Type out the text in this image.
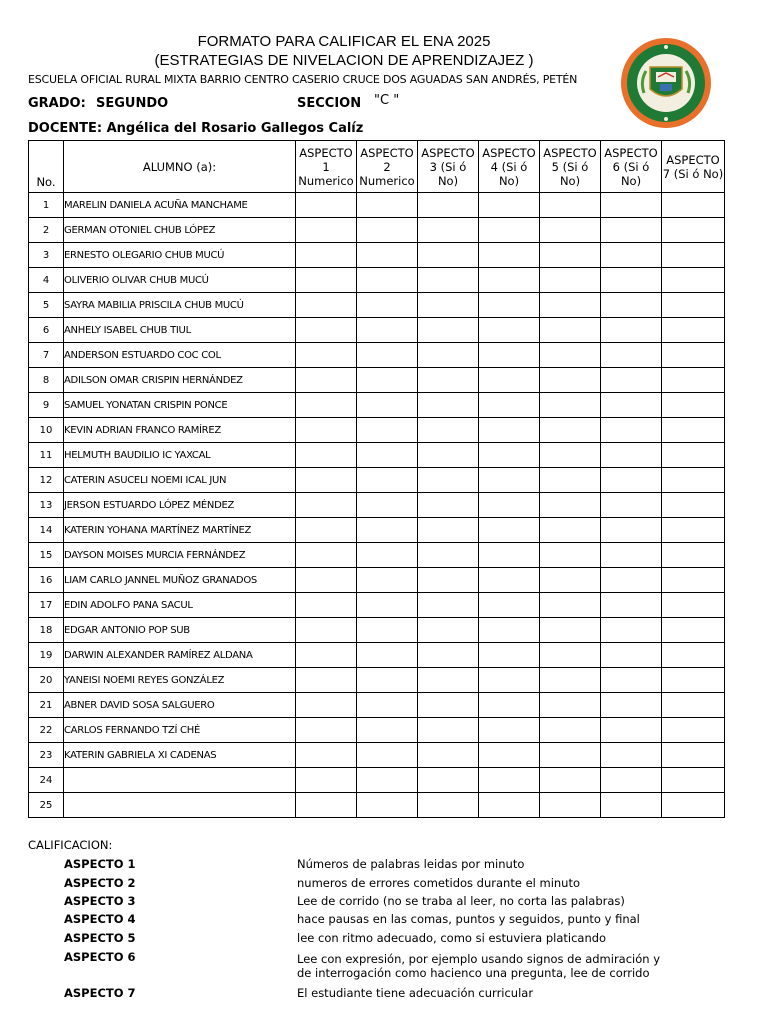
FORMATO PARA CALIFICAR EL ENA 2025
(ESTRATEGIAS DE NIVELACION DE APRENDIZAJEZ )
ESCUELA OFICIAL RURAL MIXTA BARRIO CENTRO CASERIO CRUCE DOS AGUADAS SAN ANDRÉS, PETÉN
GRADO: SEGUNDO	SECCION "C "
DOCENTE: Angélica del Rosario Gallegos Calíz
No.	ALUMNO (a):	ASPECTO 1 Numerico	ASPECTO 2 Numerico	ASPECTO 3 (Si ó No)	ASPECTO 4 (Si ó No)	ASPECTO 5 (Si ó No)	ASPECTO 6 (Si ó No)	ASPECTO 7 (Si ó No)
1	MARELIN DANIELA ACUÑA MANCHAME							
2	GERMAN OTONIEL CHUB LÓPEZ							
3	ERNESTO OLEGARIO CHUB MUCÚ							
4	OLIVERIO OLIVAR CHUB MUCÚ							
5	SAYRA MABILIA PRISCILA CHUB MUCÚ							
6	ANHELY ISABEL CHUB TIUL							
7	ANDERSON ESTUARDO COC COL							
8	ADILSON OMAR CRISPIN HERNÁNDEZ							
9	SAMUEL YONATAN CRISPIN PONCE							
10	KEVIN ADRIAN FRANCO RAMÍREZ							
11	HELMUTH BAUDILIO IC YAXCAL							
12	CATERIN ASUCELI NOEMI ICAL JUN							
13	JERSON ESTUARDO LÓPEZ MÉNDEZ							
14	KATERIN YOHANA MARTÍNEZ MARTÍNEZ							
15	DAYSON MOISES MURCIA FERNÁNDEZ							
16	LIAM CARLO JANNEL MUÑOZ GRANADOS							
17	EDIN ADOLFO PANA SACUL							
18	EDGAR ANTONIO POP SUB							
19	DARWIN ALEXANDER RAMÍREZ ALDANA							
20	YANEISI NOEMI REYES GONZÁLEZ							
21	ABNER DAVID SOSA SALGUERO							
22	CARLOS FERNANDO TZÍ CHÉ							
23	KATERIN GABRIELA XI CADENAS							
24								
25								
CALIFICACION:
ASPECTO 1	Números de palabras leidas por minuto
ASPECTO 2	numeros de errores cometidos durante el minuto
ASPECTO 3	Lee de corrido (no se traba al leer, no corta las palabras)
ASPECTO 4	hace pausas en las comas, puntos y seguidos, punto y final
ASPECTO 5	lee con ritmo adecuado, como si estuviera platicando
ASPECTO 6	Lee con expresión, por ejemplo usando signos de admiración y de interrogación como hacienco una pregunta, lee de corrido
ASPECTO 7	El estudiante tiene adecuación curricular
